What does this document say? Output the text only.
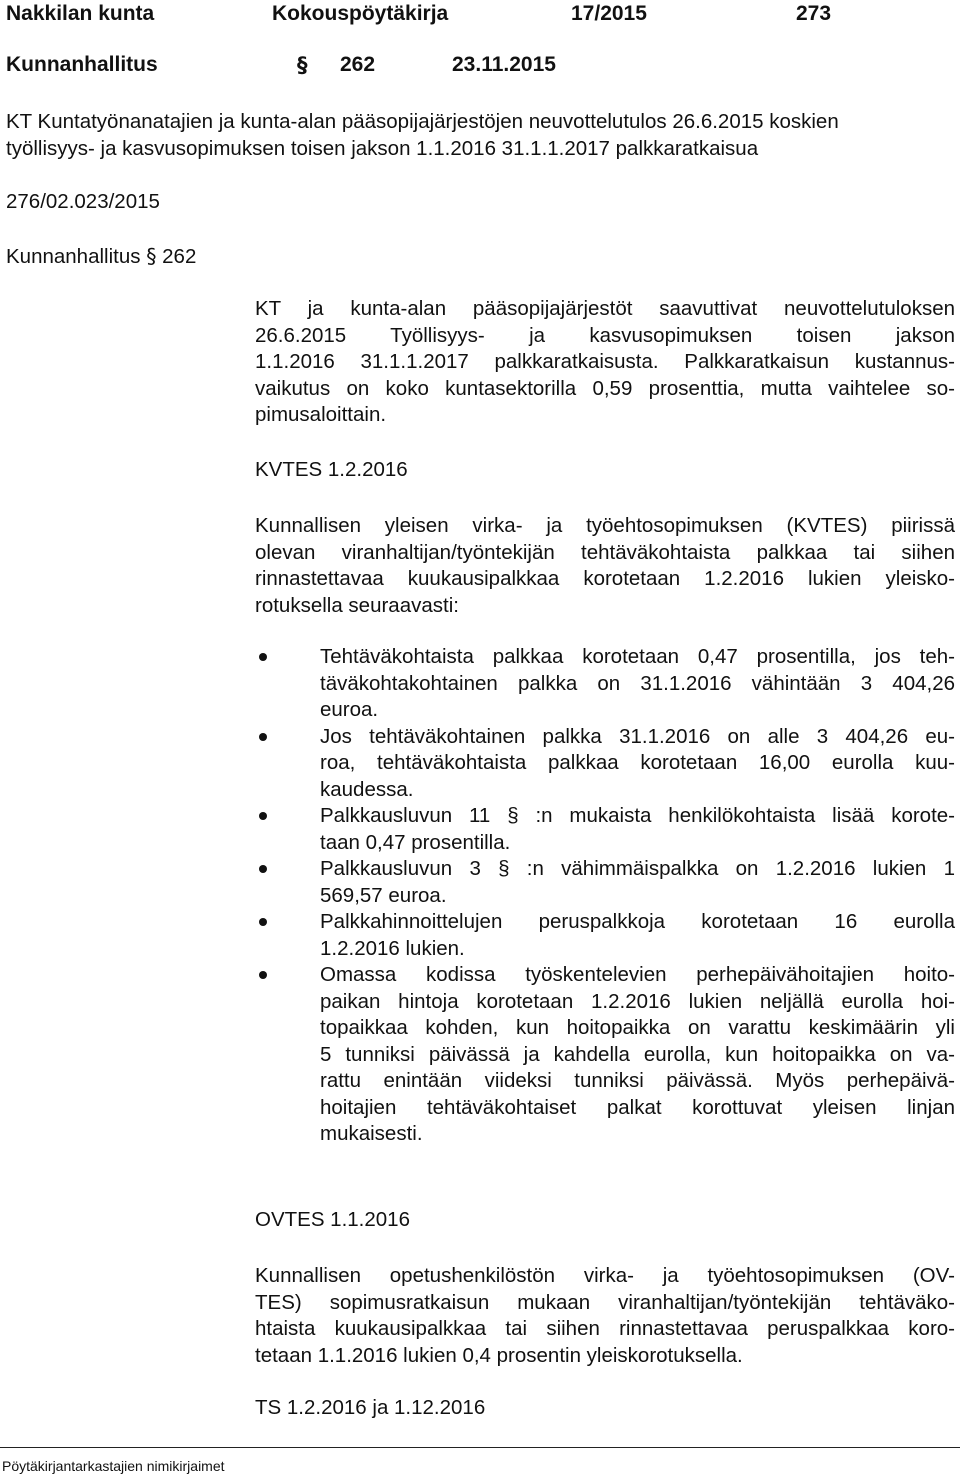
Nakkilan kunta	Kokouspöytäkirja	17/2015	273
Kunnanhallitus	§ 262	23.11.2015
KT Kuntatyönanatajien ja kunta-alan pääsopijajärjestöjen neuvottelutulos 26.6.2015 koskien
työllisyys- ja kasvusopimuksen toisen jakson 1.1.2016 31.1.1.2017 palkkaratkaisua
276/02.023/2015
Kunnanhallitus § 262
KT ja kunta-alan pääsopijajärjestöt saavuttivat neuvottelutuloksen
26.6.2015 Työllisyys- ja kasvusopimuksen toisen jakson
1.1.2016 31.1.1.2017 palkkaratkaisusta. Palkkaratkaisun kustannus-
vaikutus on koko kuntasektorilla 0,59 prosenttia, mutta vaihtelee so-
pimusaloittain.
KVTES 1.2.2016
Kunnallisen yleisen virka- ja työehtosopimuksen (KVTES) piirissä
olevan viranhaltijan/työntekijän tehtäväkohtaista palkkaa tai siihen
rinnastettavaa kuukausipalkkaa korotetaan 1.2.2016 lukien yleisko-
rotuksella seuraavasti:
Tehtäväkohtaista palkkaa korotetaan 0,47 prosentilla, jos teh-
täväkohtakohtainen palkka on 31.1.2016 vähintään 3 404,26
euroa.
Jos tehtäväkohtainen palkka 31.1.2016 on alle 3 404,26 eu-
roa, tehtäväkohtaista palkkaa korotetaan 16,00 eurolla kuu-
kaudessa.
Palkkausluvun 11 § :n mukaista henkilökohtaista lisää korote-
taan 0,47 prosentilla.
Palkkausluvun 3 § :n vähimmäispalkka on 1.2.2016 lukien 1
569,57 euroa.
Palkkahinnoittelujen peruspalkkoja korotetaan 16 eurolla
1.2.2016 lukien.
Omassa kodissa työskentelevien perhepäivähoitajien hoito-
paikan hintoja korotetaan 1.2.2016 lukien neljällä eurolla hoi-
topaikkaa kohden, kun hoitopaikka on varattu keskimäärin yli
5 tunniksi päivässä ja kahdella eurolla, kun hoitopaikka on va-
rattu enintään viideksi tunniksi päivässä. Myös perhepäivä-
hoitajien tehtäväkohtaiset palkat korottuvat yleisen linjan
mukaisesti.
OVTES 1.1.2016
Kunnallisen opetushenkilöstön virka- ja työehtosopimuksen (OV-
TES) sopimusratkaisun mukaan viranhaltijan/työntekijän tehtäväko-
htaista kuukausipalkkaa tai siihen rinnastettavaa peruspalkkaa koro-
tetaan 1.1.2016 lukien 0,4 prosentin yleiskorotuksella.
TS 1.2.2016 ja 1.12.2016
Pöytäkirjantarkastajien nimikirjaimet
